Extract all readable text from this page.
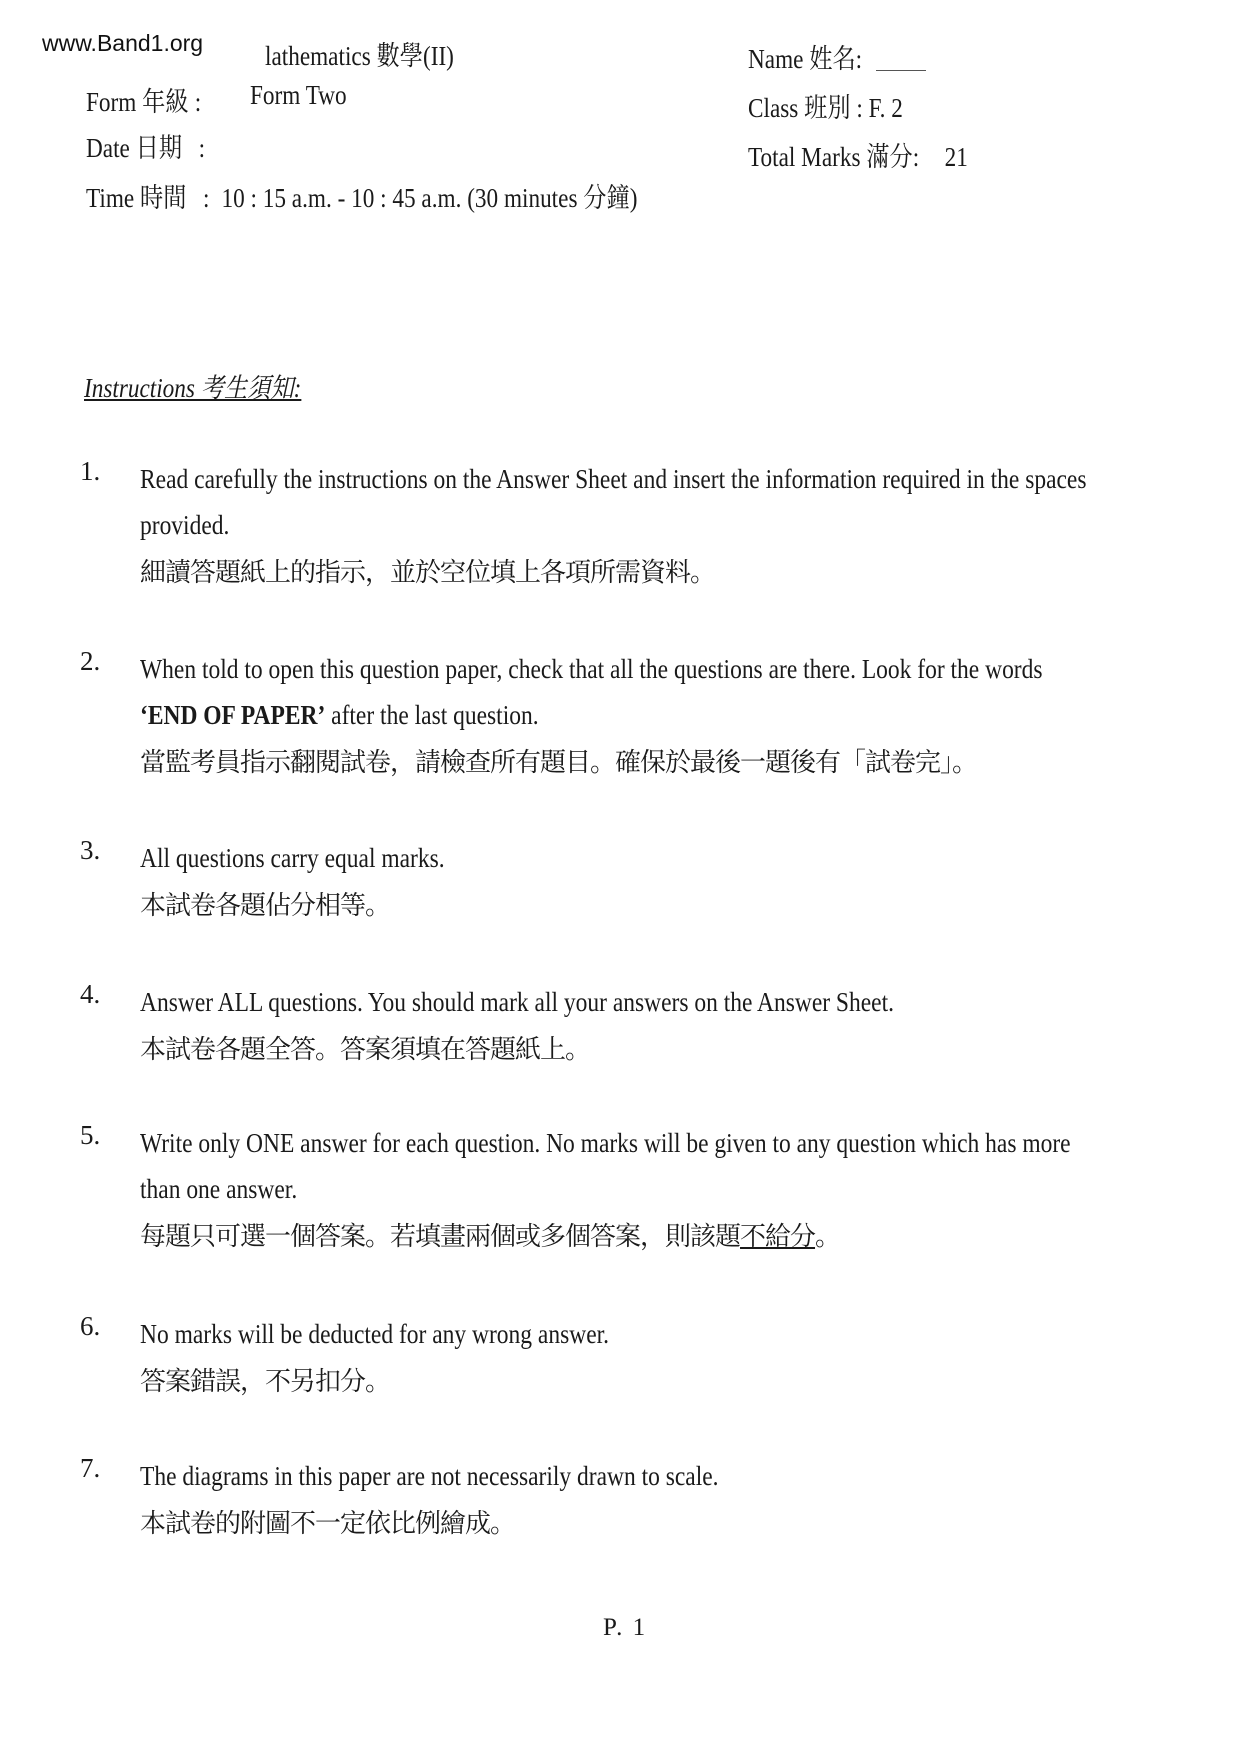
www.Band1.org lathematics 數學(II)
Form 年級 : Form Two
Date 日期 :
Time 時間 : 10 : 15 a.m. - 10 : 45 a.m. (30 minutes 分鐘)
Name 姓名:
Class 班別 : F. 2
Total Marks 滿分: 21
Instructions 考生須知:
1. Read carefully the instructions on the Answer Sheet and insert the information required in the spaces
provided.
細讀答題紙上的指示，並於空位填上各項所需資料。
2. When told to open this question paper, check that all the questions are there. Look for the words
‘END OF PAPER’ after the last question.
當監考員指示翻閱試卷，請檢查所有題目。確保於最後一題後有「試卷完」。
3. All questions carry equal marks.
本試卷各題佔分相等。
4. Answer ALL questions. You should mark all your answers on the Answer Sheet.
本試卷各題全答。答案須填在答題紙上。
5. Write only ONE answer for each question. No marks will be given to any question which has more
than one answer.
每題只可選一個答案。若填畫兩個或多個答案，則該題不給分。
6. No marks will be deducted for any wrong answer.
答案錯誤，不另扣分。
7. The diagrams in this paper are not necessarily drawn to scale.
本試卷的附圖不一定依比例繪成。
P. 1
